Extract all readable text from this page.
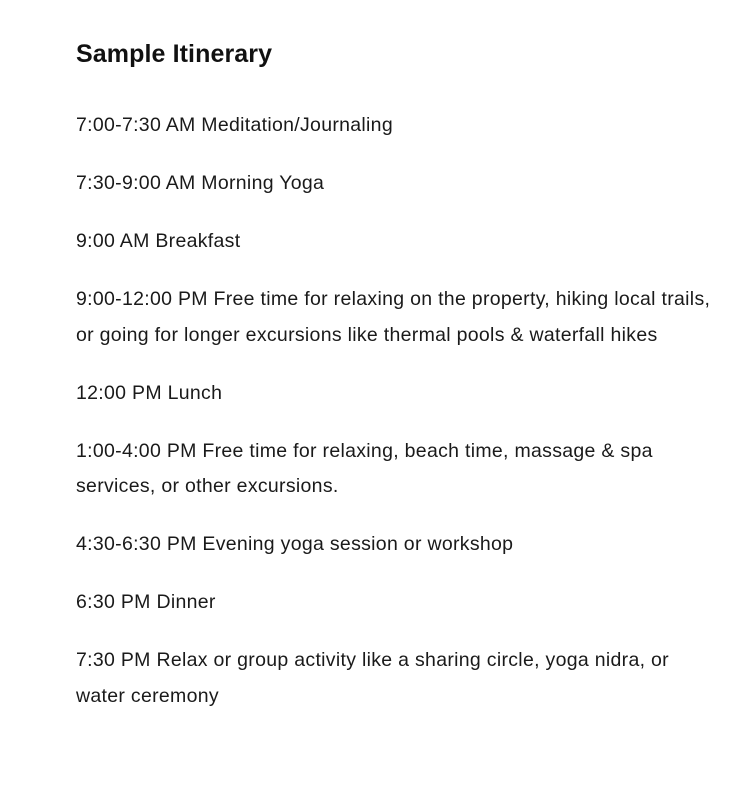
Sample Itinerary
7:00-7:30 AM Meditation/Journaling
7:30-9:00 AM Morning Yoga
9:00 AM Breakfast
9:00-12:00 PM Free time for relaxing on the property, hiking local trails, or going for longer excursions like thermal pools & waterfall hikes
12:00 PM Lunch
1:00-4:00 PM Free time for relaxing, beach time, massage & spa services, or other excursions.
4:30-6:30 PM Evening yoga session or workshop
6:30 PM Dinner
7:30 PM Relax or group activity like a sharing circle, yoga nidra, or water ceremony
